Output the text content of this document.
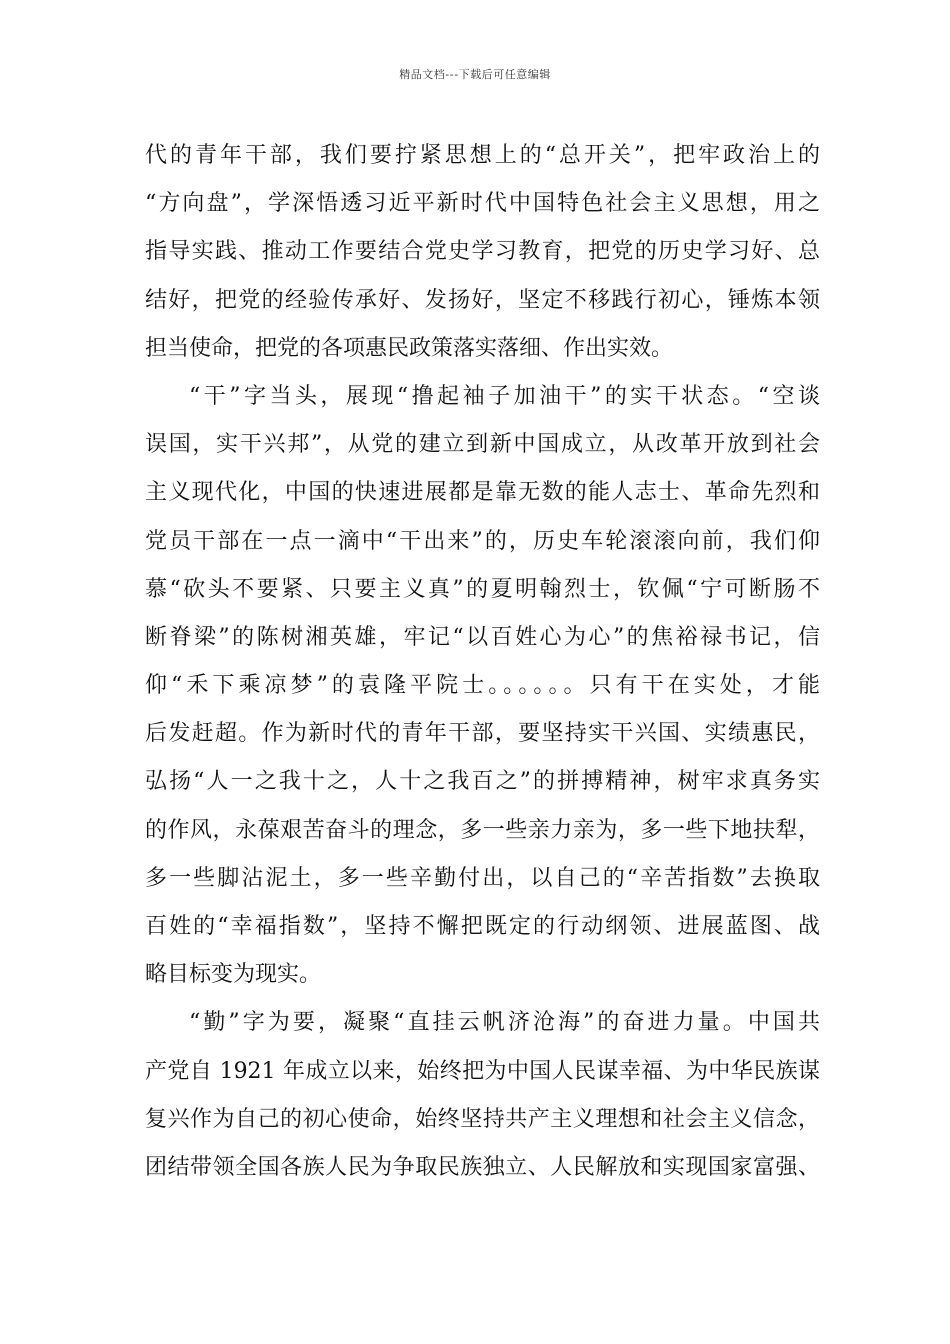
精品文档---下载后可任意编辑
代的青年干部，我们要拧紧思想上的“总开关”，把牢政治上的
“方向盘”，学深悟透习近平新时代中国特色社会主义思想，用之
指导实践、推动工作要结合党史学习教育，把党的历史学习好、总
结好，把党的经验传承好、发扬好，坚定不移践行初心，锤炼本领
担当使命，把党的各项惠民政策落实落细、作出实效。
“干”字当头，展现“撸起袖子加油干”的实干状态。“空谈
误国，实干兴邦”，从党的建立到新中国成立，从改革开放到社会
主义现代化，中国的快速进展都是靠无数的能人志士、革命先烈和
党员干部在一点一滴中“干出来”的，历史车轮滚滚向前，我们仰
慕“砍头不要紧、只要主义真”的夏明翰烈士，钦佩“宁可断肠不
断脊梁”的陈树湘英雄，牢记“以百姓心为心”的焦裕禄书记，信
仰“禾下乘凉梦”的袁隆平院士。。。。。。只有干在实处，才能
后发赶超。作为新时代的青年干部，要坚持实干兴国、实绩惠民，
弘扬“人一之我十之，人十之我百之”的拼搏精神，树牢求真务实
的作风，永葆艰苦奋斗的理念，多一些亲力亲为，多一些下地扶犁，
多一些脚沾泥土，多一些辛勤付出，以自己的“辛苦指数”去换取
百姓的“幸福指数”，坚持不懈把既定的行动纲领、进展蓝图、战
略目标变为现实。
“勤”字为要，凝聚“直挂云帆济沧海”的奋进力量。中国共
产党自 1921 年成立以来，始终把为中国人民谋幸福、为中华民族谋
复兴作为自己的初心使命，始终坚持共产主义理想和社会主义信念，
团结带领全国各族人民为争取民族独立、人民解放和实现国家富强、
